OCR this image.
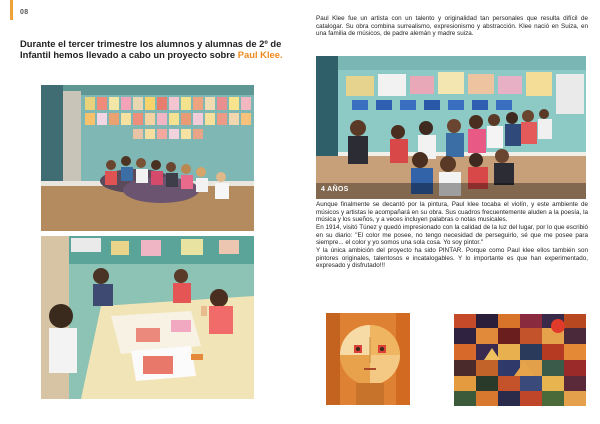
08
Durante el tercer trimestre los alumnos y alumnas de 2º de Infantil hemos llevado a cabo un proyecto sobre Paul Klee.
Paul Klee fue un artista con un talento y originalidad tan personales que resulta difícil de catalogar. Su obra combina surrealismo, expresionismo y abstracción. Klee nació en Suiza, en una familia de músicos, de padre alemán y madre suiza.
4 AÑOS

Aunque finalmente se decantó por la pintura, Paul klee tocaba el violín, y este ambiente de músicos y artistas le acompañará en su obra. Sus cuadros frecuentemente aluden a la poesía, la música y los sueños, y a veces incluyen palabras o notas musicales.

En 1914, visitó Túnez y quedó impresionado con la calidad de la luz del lugar, por lo que escribió en su diario: "El color me posee, no tengo necesidad de perseguirlo, sé que me posee para siempre... el color y yo somos una sola cosa. Yo soy pintor."

Y la única ambición del proyecto ha sido PINTAR. Porque como Paul klee ellos también son pintores originales, talentosos e incatalogables. Y lo importante es que han experimentado, expresado y disfrutado!!!
